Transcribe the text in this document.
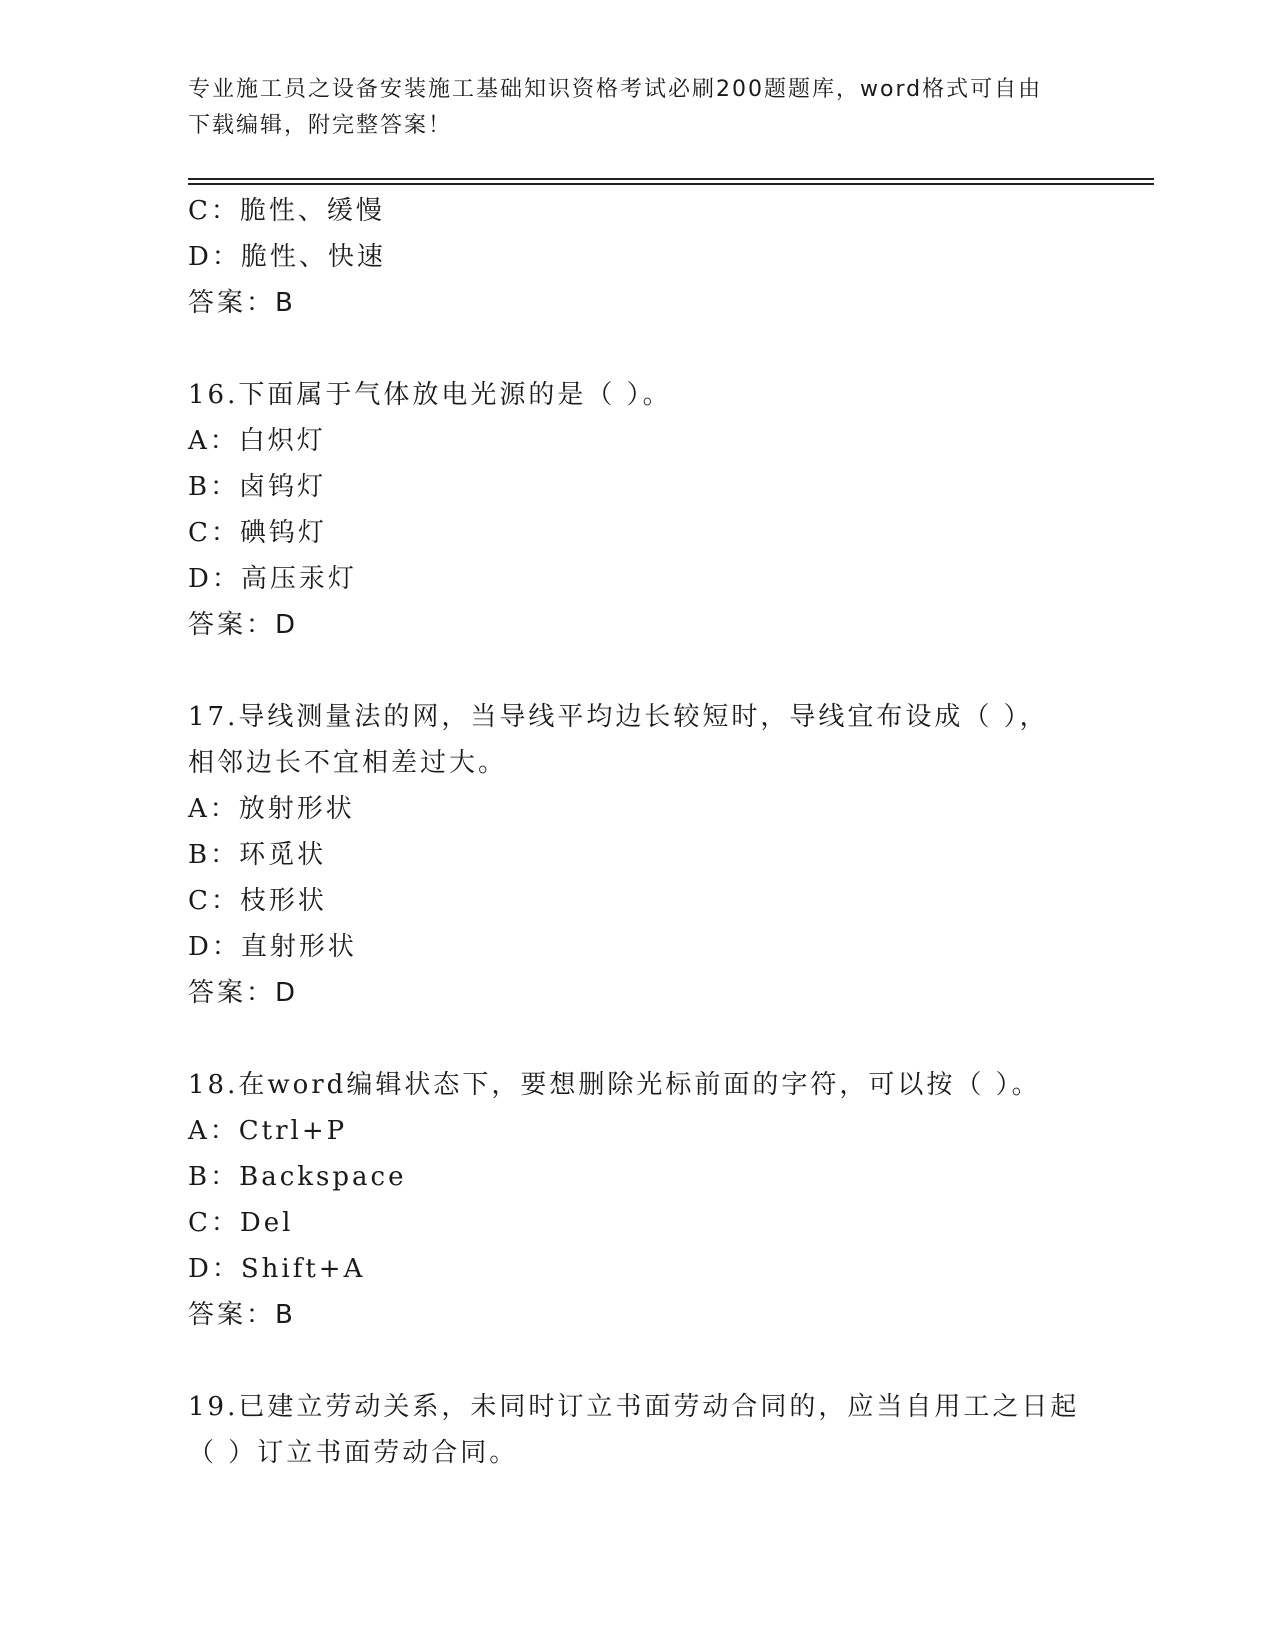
专业施工员之设备安装施工基础知识资格考试必刷200题题库，word格式可自由
下载编辑，附完整答案！
C：脆性、缓慢
D：脆性、快速
答案：B
16.下面属于气体放电光源的是（ ）。
A：白炽灯
B：卤钨灯
C：碘钨灯
D：高压汞灯
答案：D
17.导线测量法的网，当导线平均边长较短时，导线宜布设成（ ），
相邻边长不宜相差过大。
A：放射形状
B：环觅状
C：枝形状
D：直射形状
答案：D
18.在word编辑状态下，要想删除光标前面的字符，可以按（ ）。
A：Ctrl+P
B：Backspace
C：Del
D：Shift+A
答案：B
19.已建立劳动关系，未同时订立书面劳动合同的，应当自用工之日起
（ ）订立书面劳动合同。
